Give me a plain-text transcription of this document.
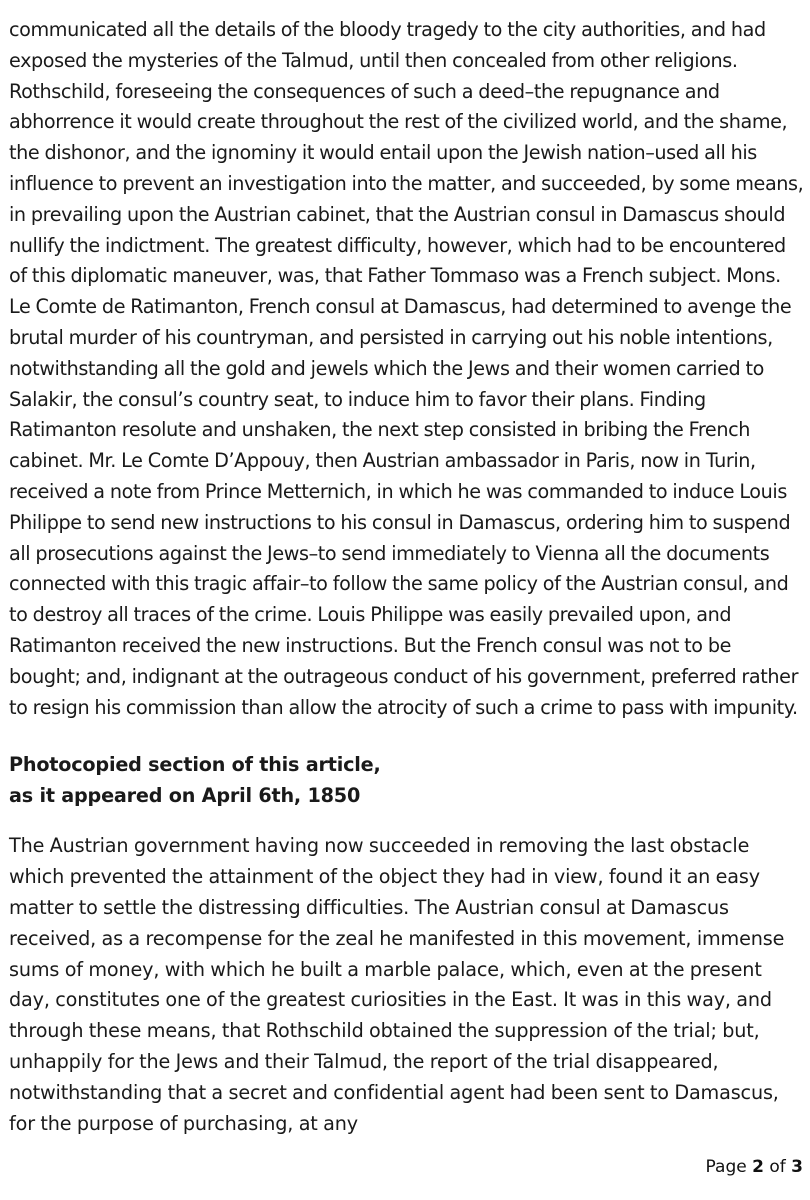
communicated all the details of the bloody tragedy to the city authorities, and had exposed the mysteries of the Talmud, until then concealed from other religions. Rothschild, foreseeing the consequences of such a deed–the repugnance and abhorrence it would create throughout the rest of the civilized world, and the shame, the dishonor, and the ignominy it would entail upon the Jewish nation–used all his influence to prevent an investigation into the matter, and succeeded, by some means, in prevailing upon the Austrian cabinet, that the Austrian consul in Damascus should nullify the indictment. The greatest difficulty, however, which had to be encountered of this diplomatic maneuver, was, that Father Tommaso was a French subject. Mons. Le Comte de Ratimanton, French consul at Damascus, had determined to avenge the brutal murder of his countryman, and persisted in carrying out his noble intentions, notwithstanding all the gold and jewels which the Jews and their women carried to Salakir, the consul’s country seat, to induce him to favor their plans. Finding Ratimanton resolute and unshaken, the next step consisted in bribing the French cabinet. Mr. Le Comte D’Appouy, then Austrian ambassador in Paris, now in Turin, received a note from Prince Metternich, in which he was commanded to induce Louis Philippe to send new instructions to his consul in Damascus, ordering him to suspend all prosecutions against the Jews–to send immediately to Vienna all the documents connected with this tragic affair–to follow the same policy of the Austrian consul, and to destroy all traces of the crime. Louis Philippe was easily prevailed upon, and Ratimanton received the new instructions. But the French consul was not to be bought; and, indignant at the outrageous conduct of his government, preferred rather to resign his commission than allow the atrocity of such a crime to pass with impunity.

Photocopied section of this article,
as it appeared on April 6th, 1850

The Austrian government having now succeeded in removing the last obstacle which prevented the attainment of the object they had in view, found it an easy matter to settle the distressing difficulties. The Austrian consul at Damascus received, as a recompense for the zeal he manifested in this movement, immense sums of money, with which he built a marble palace, which, even at the present day, constitutes one of the greatest curiosities in the East. It was in this way, and through these means, that Rothschild obtained the suppression of the trial; but, unhappily for the Jews and their Talmud, the report of the trial disappeared, notwithstanding that a secret and confidential agent had been sent to Damascus, for the purpose of purchasing, at any

Page 2 of 3
